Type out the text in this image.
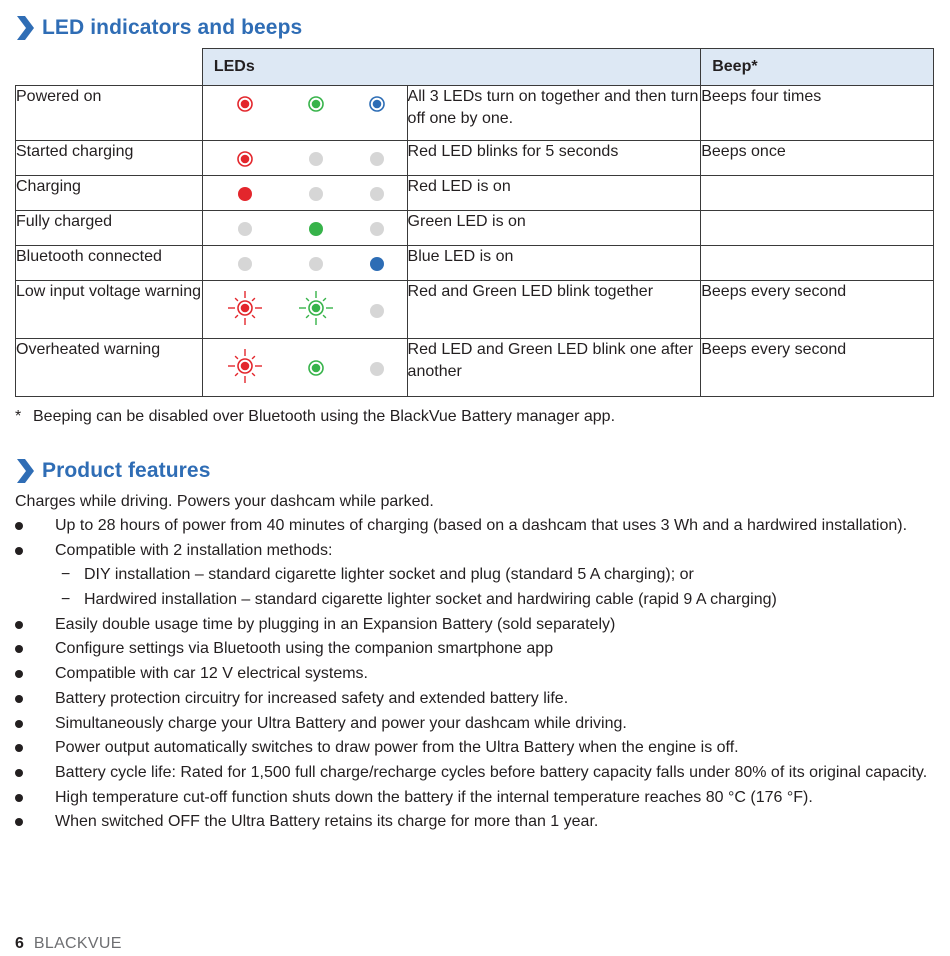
LED indicators and beeps
	LEDs		Beep*
Powered on		All 3 LEDs turn on together and then turn off one by one.	Beeps four times
Started charging		Red LED blinks for 5 seconds	Beeps once
Charging		Red LED is on	
Fully charged		Green LED is on	
Bluetooth connected		Blue LED is on	
Low input voltage warning		Red and Green LED blink together	Beeps every second
Overheated warning		Red LED and Green LED blink one after another	Beeps every second
* Beeping can be disabled over Bluetooth using the BlackVue Battery manager app.
Product features
Charges while driving. Powers your dashcam while parked.
Up to 28 hours of power from 40 minutes of charging (based on a dashcam that uses 3 Wh and a hardwired installation).
Compatible with 2 installation methods:
− DIY installation – standard cigarette lighter socket and plug (standard 5 A charging); or
− Hardwired installation – standard cigarette lighter socket and hardwiring cable (rapid 9 A charging)
Easily double usage time by plugging in an Expansion Battery (sold separately)
Configure settings via Bluetooth using the companion smartphone app
Compatible with car 12 V electrical systems.
Battery protection circuitry for increased safety and extended battery life.
Simultaneously charge your Ultra Battery and power your dashcam while driving.
Power output automatically switches to draw power from the Ultra Battery when the engine is off.
Battery cycle life: Rated for 1,500 full charge/recharge cycles before battery capacity falls under 80% of its original capacity.
High temperature cut-off function shuts down the battery if the internal temperature reaches 80 °C (176 °F).
When switched OFF the Ultra Battery retains its charge for more than 1 year.
6 BLACKVUE
